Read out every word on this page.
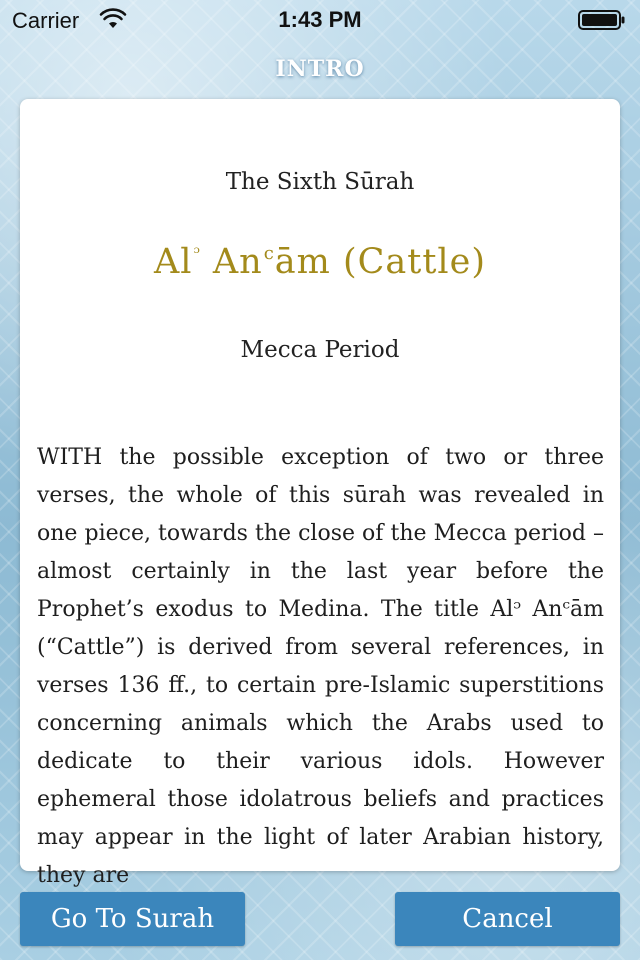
Carrier	1:43 PM
INTRO
The Sixth Sūrah
$Al^ᵓ$ An$^c$ām (Cattle)
Mecca Period

WITH the possible exception of two or three verses, the whole of this sūrah was revealed in one piece, towards the close of the Mecca period – almost certainly in the last year before the Prophet’s exodus to Medina. The title Alᵓ Anᶜām (“Cattle”) is derived from several references, in verses 136 ff., to certain pre-Islamic superstitions concerning animals which the Arabs used to dedicate to their various idols. However ephemeral those idolatrous beliefs and practices may appear in the light of later Arabian history, they are

Go To Surah	Cancel
